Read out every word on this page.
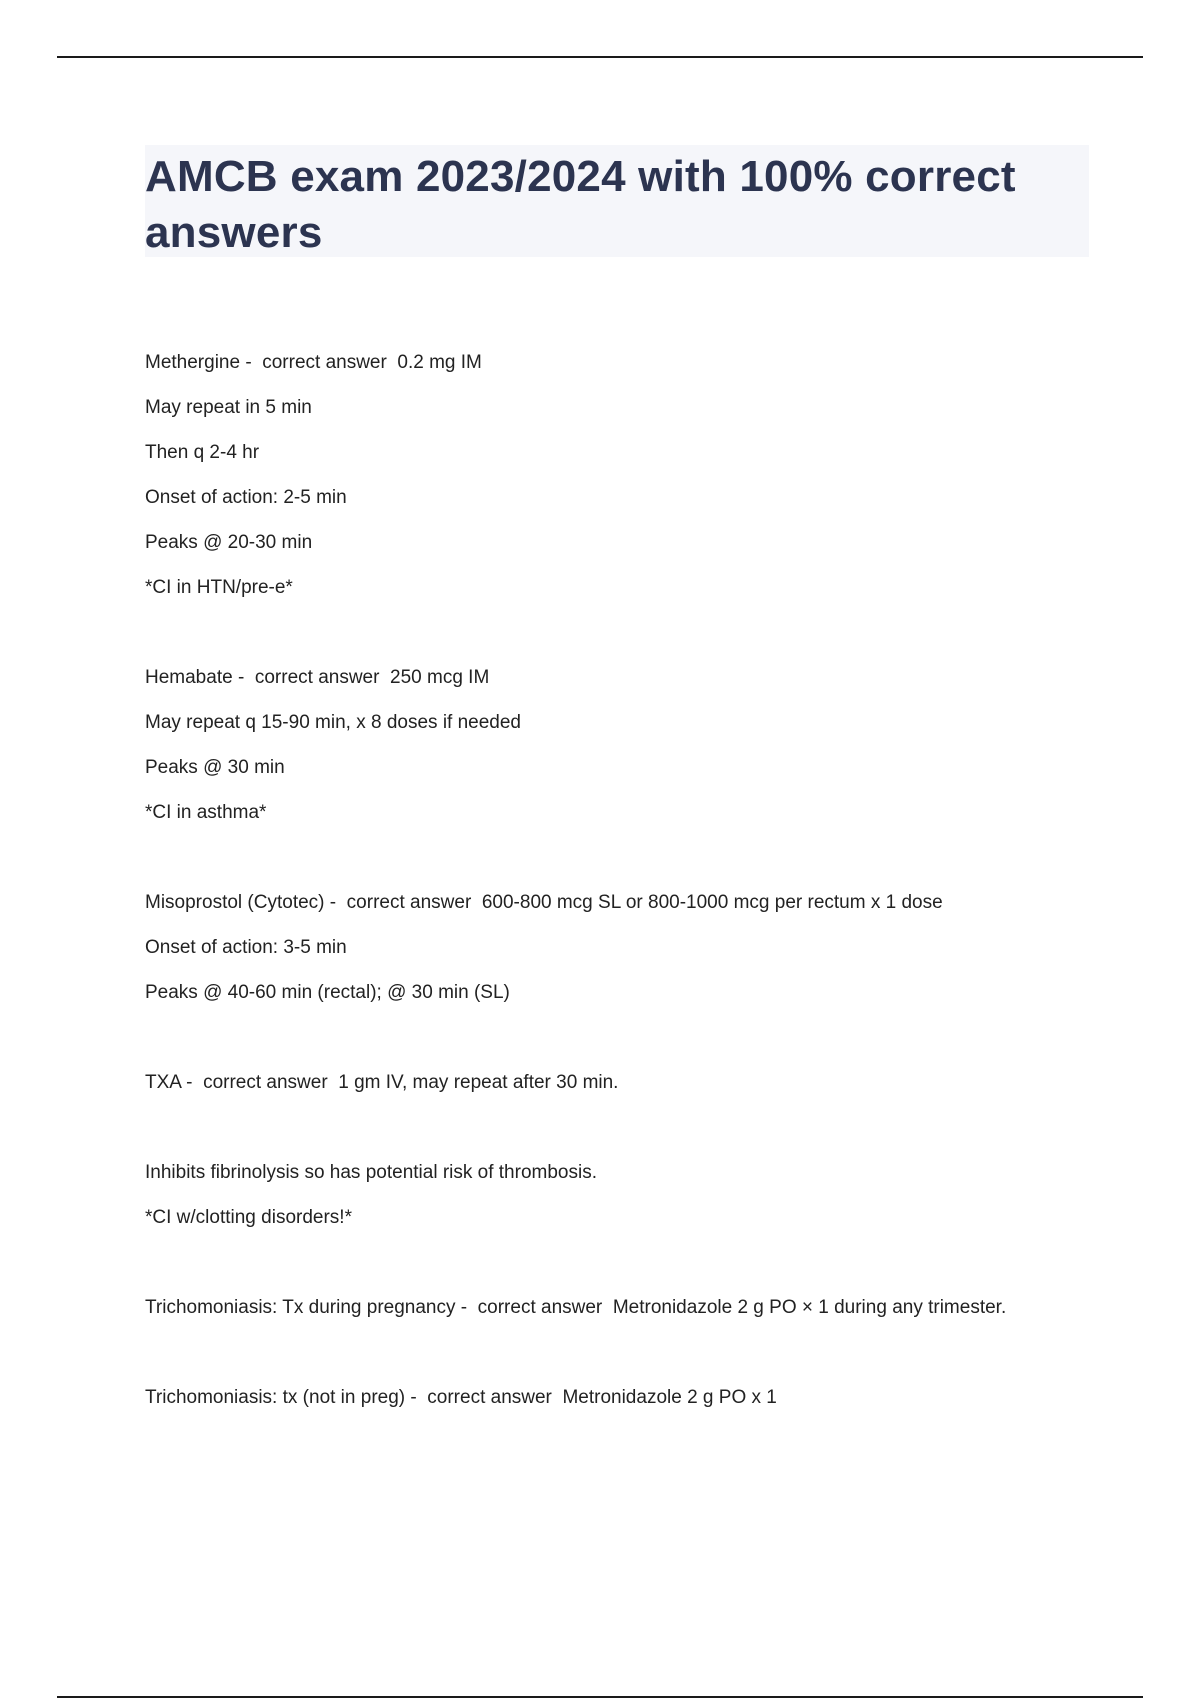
AMCB exam 2023/2024 with 100% correct answers
Methergine -  correct answer 0.2 mg IM
May repeat in 5 min
Then q 2-4 hr
Onset of action: 2-5 min
Peaks @ 20-30 min
*CI in HTN/pre-e*
Hemabate -  correct answer 250 mcg IM
May repeat q 15-90 min, x 8 doses if needed
Peaks @ 30 min
*CI in asthma*
Misoprostol (Cytotec) -  correct answer 600-800 mcg SL or 800-1000 mcg per rectum x 1 dose
Onset of action: 3-5 min
Peaks @ 40-60 min (rectal); @ 30 min (SL)
TXA -  correct answer 1 gm IV, may repeat after 30 min.
Inhibits fibrinolysis so has potential risk of thrombosis.
*CI w/clotting disorders!*
Trichomoniasis: Tx during pregnancy -  correct answer Metronidazole 2 g PO × 1 during any trimester.
Trichomoniasis: tx (not in preg) -  correct answer Metronidazole 2 g PO x 1
